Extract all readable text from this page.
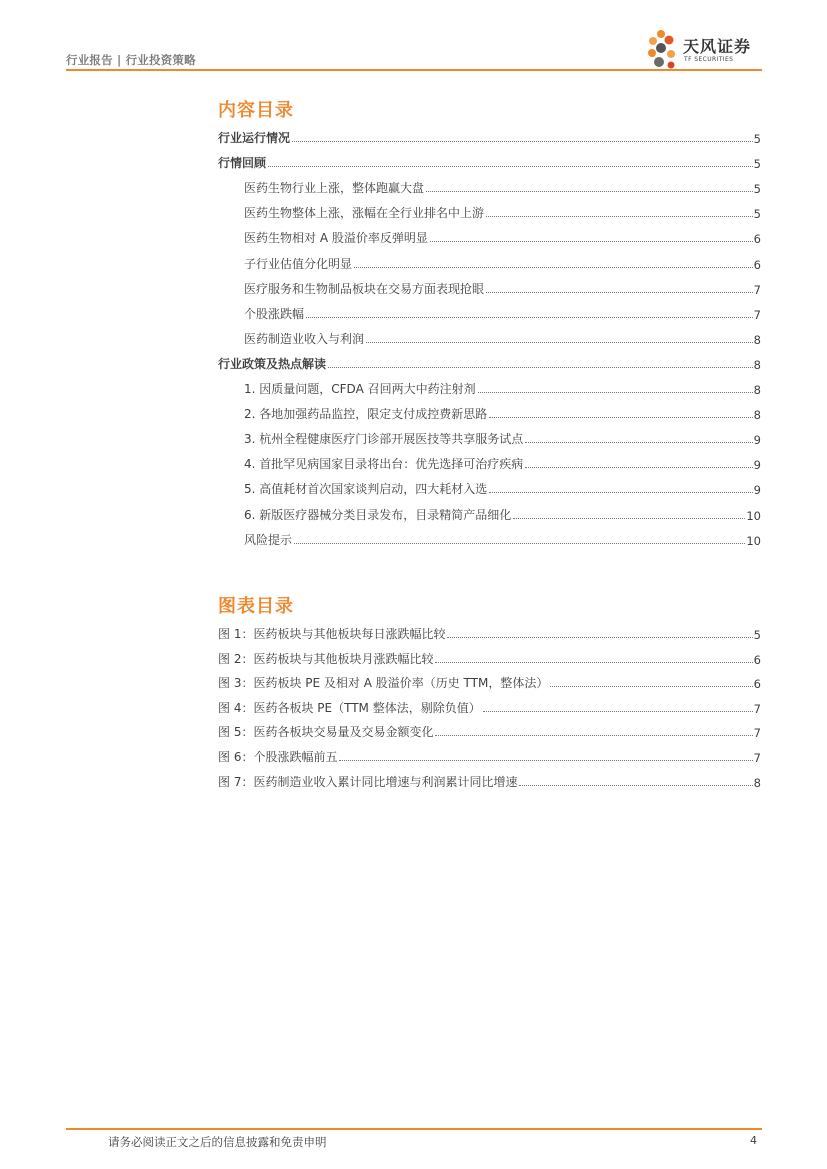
行业报告 | 行业投资策略
天风证券
TF SECURITIES
内容目录
行业运行情况	5
行情回顾	5
医药生物行业上涨，整体跑赢大盘	5
医药生物整体上涨，涨幅在全行业排名中上游	5
医药生物相对 A 股溢价率反弹明显	6
子行业估值分化明显	6
医疗服务和生物制品板块在交易方面表现抢眼	7
个股涨跌幅	7
医药制造业收入与利润	8
行业政策及热点解读	8
1. 因质量问题，CFDA 召回两大中药注射剂	8
2. 各地加强药品监控，限定支付成控费新思路	8
3. 杭州全程健康医疗门诊部开展医技等共享服务试点	9
4. 首批罕见病国家目录将出台：优先选择可治疗疾病	9
5. 高值耗材首次国家谈判启动，四大耗材入选	9
6. 新版医疗器械分类目录发布，目录精简产品细化	10
风险提示	10
图表目录
图 1：医药板块与其他板块每日涨跌幅比较	5
图 2：医药板块与其他板块月涨跌幅比较	6
图 3：医药板块 PE 及相对 A 股溢价率（历史 TTM，整体法）	6
图 4：医药各板块 PE（TTM 整体法，剔除负值）	7
图 5：医药各板块交易量及交易金额变化	7
图 6：个股涨跌幅前五	7
图 7：医药制造业收入累计同比增速与利润累计同比增速	8
请务必阅读正文之后的信息披露和免责申明	4
